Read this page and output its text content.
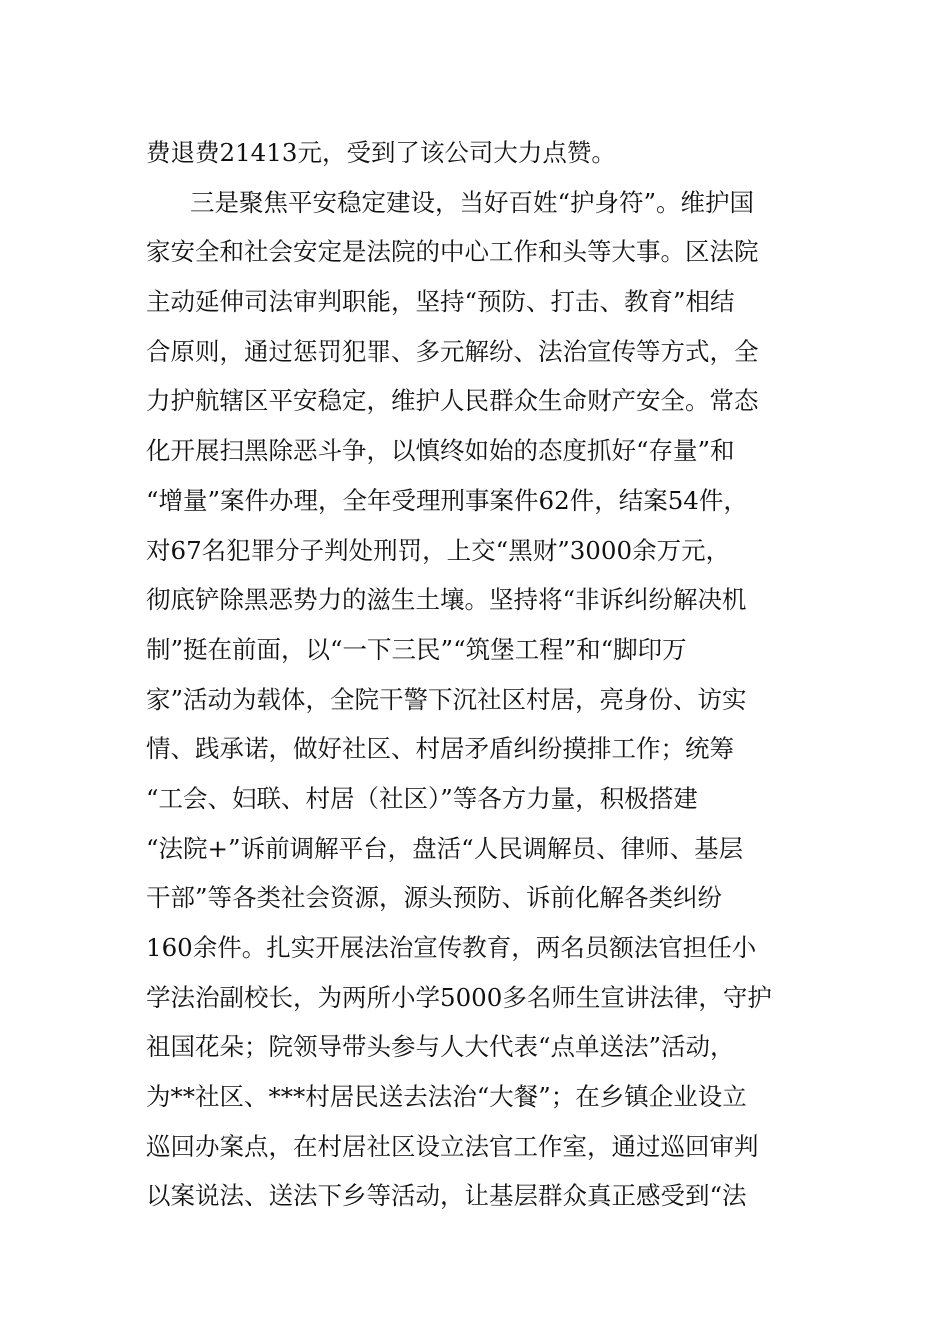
费退费21413元，受到了该公司大力点赞。
三是聚焦平安稳定建设，当好百姓“护身符”。维护国
家安全和社会安定是法院的中心工作和头等大事。区法院
主动延伸司法审判职能，坚持“预防、打击、教育”相结
合原则，通过惩罚犯罪、多元解纷、法治宣传等方式，全
力护航辖区平安稳定，维护人民群众生命财产安全。常态
化开展扫黑除恶斗争，以慎终如始的态度抓好“存量”和
“增量”案件办理，全年受理刑事案件62件，结案54件，
对67名犯罪分子判处刑罚，上交“黑财”3000余万元，
彻底铲除黑恶势力的滋生土壤。坚持将“非诉纠纷解决机
制”挺在前面，以“一下三民”“筑堡工程”和“脚印万
家”活动为载体，全院干警下沉社区村居，亮身份、访实
情、践承诺，做好社区、村居矛盾纠纷摸排工作；统筹
“工会、妇联、村居（社区）”等各方力量，积极搭建
“法院+”诉前调解平台，盘活“人民调解员、律师、基层
干部”等各类社会资源，源头预防、诉前化解各类纠纷
160余件。扎实开展法治宣传教育，两名员额法官担任小
学法治副校长，为两所小学5000多名师生宣讲法律，守护
祖国花朵；院领导带头参与人大代表“点单送法”活动，
为**社区、***村居民送去法治“大餐”；在乡镇企业设立
巡回办案点，在村居社区设立法官工作室，通过巡回审判
以案说法、送法下乡等活动，让基层群众真正感受到“法
